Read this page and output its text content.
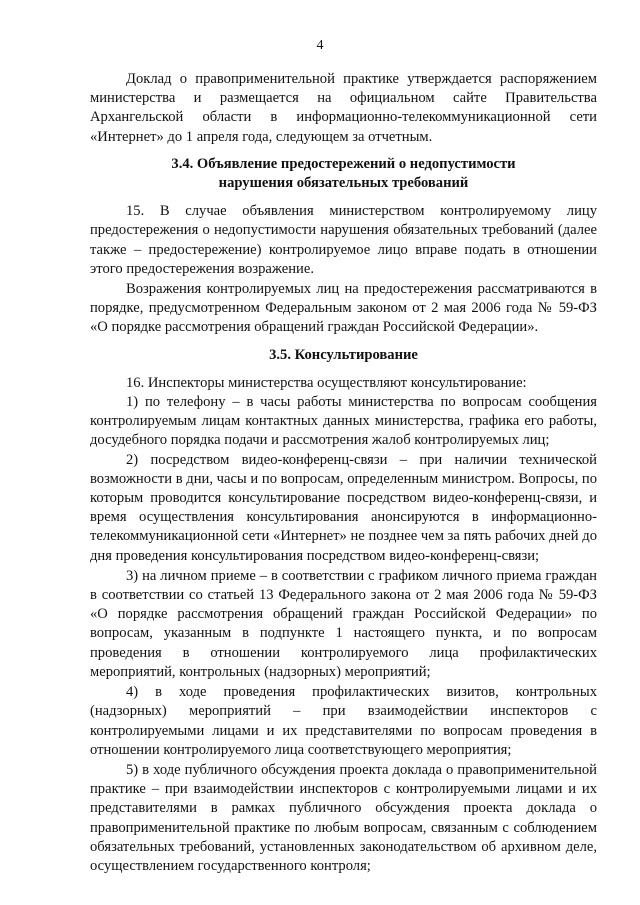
4

Доклад о правоприменительной практике утверждается распоряжением министерства и размещается на официальном сайте Правительства Архангельской области в информационно-телекоммуникационной сети «Интернет» до 1 апреля года, следующем за отчетным.

3.4. Объявление предостережений о недопустимости
нарушения обязательных требований

15. В случае объявления министерством контролируемому лицу предостережения о недопустимости нарушения обязательных требований (далее также – предостережение) контролируемое лицо вправе подать в отношении этого предостережения возражение.

Возражения контролируемых лиц на предостережения рассматриваются в порядке, предусмотренном Федеральным законом от 2 мая 2006 года № 59-ФЗ «О порядке рассмотрения обращений граждан Российской Федерации».

3.5. Консультирование

16. Инспекторы министерства осуществляют консультирование:

1) по телефону – в часы работы министерства по вопросам сообщения контролируемым лицам контактных данных министерства, графика его работы, досудебного порядка подачи и рассмотрения жалоб контролируемых лиц;

2) посредством видео-конференц-связи – при наличии технической возможности в дни, часы и по вопросам, определенным министром. Вопросы, по которым проводится консультирование посредством видео-конференц-связи, и время осуществления консультирования анонсируются в информационно-телекоммуникационной сети «Интернет» не позднее чем за пять рабочих дней до дня проведения консультирования посредством видео-конференц-связи;

3) на личном приеме – в соответствии с графиком личного приема граждан в соответствии со статьей 13 Федерального закона от 2 мая 2006 года № 59-ФЗ «О порядке рассмотрения обращений граждан Российской Федерации» по вопросам, указанным в подпункте 1 настоящего пункта, и по вопросам проведения в отношении контролируемого лица профилактических мероприятий, контрольных (надзорных) мероприятий;

4) в ходе проведения профилактических визитов, контрольных (надзорных) мероприятий – при взаимодействии инспекторов с контролируемыми лицами и их представителями по вопросам проведения в отношении контролируемого лица соответствующего мероприятия;

5) в ходе публичного обсуждения проекта доклада о правоприменительной практике – при взаимодействии инспекторов с контролируемыми лицами и их представителями в рамках публичного обсуждения проекта доклада о правоприменительной практике по любым вопросам, связанным с соблюдением обязательных требований, установленных законодательством об архивном деле, осуществлением государственного контроля;
